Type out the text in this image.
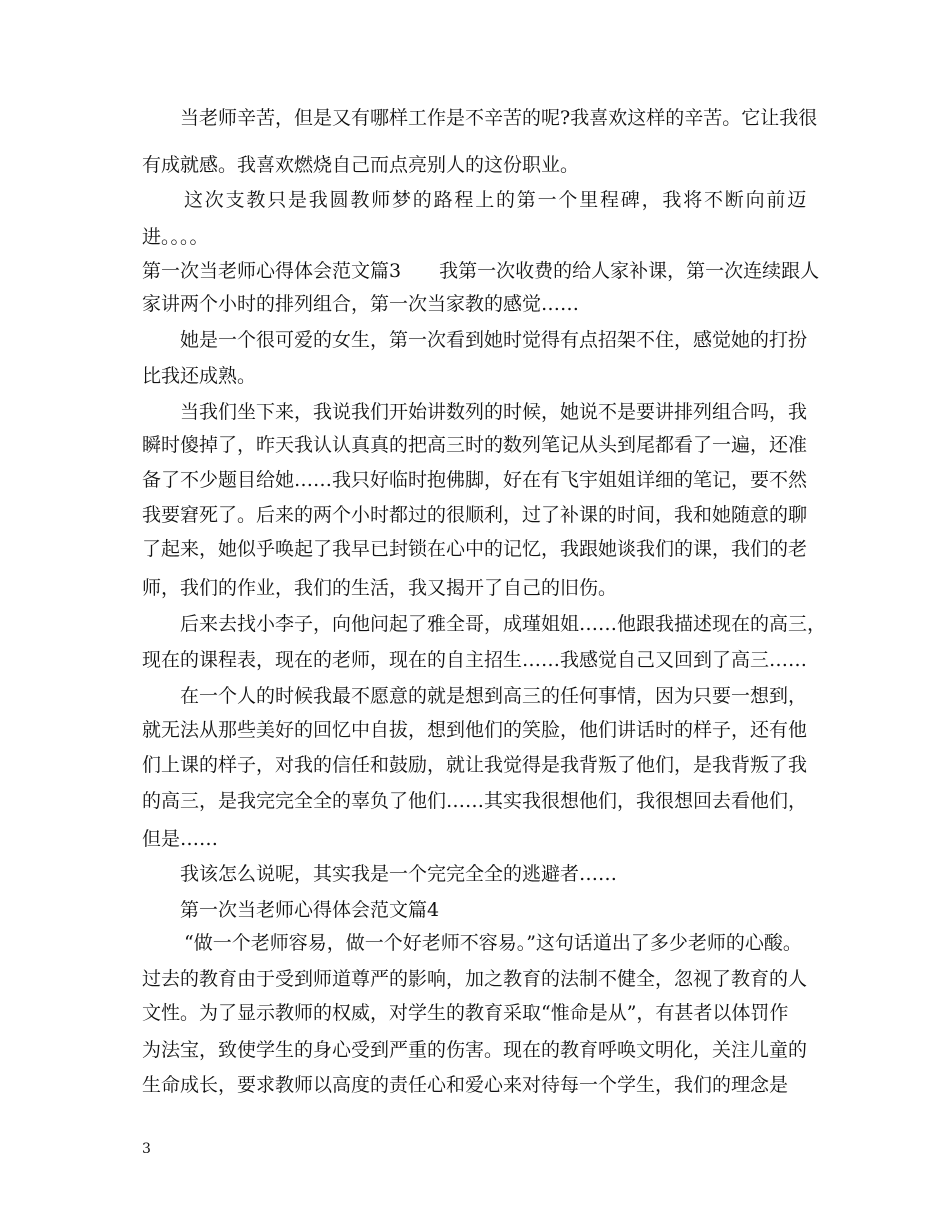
当老师辛苦，但是又有哪样工作是不辛苦的呢?我喜欢这样的辛苦。它让我很
有成就感。我喜欢燃烧自己而点亮别人的这份职业。
这次支教只是我圆教师梦的路程上的第一个里程碑，我将不断向前迈
进。。。。
第一次当老师心得体会范文篇3　　我第一次收费的给人家补课，第一次连续跟人
家讲两个小时的排列组合，第一次当家教的感觉……
她是一个很可爱的女生，第一次看到她时觉得有点招架不住，感觉她的打扮
比我还成熟。
当我们坐下来，我说我们开始讲数列的时候，她说不是要讲排列组合吗，我
瞬时傻掉了，昨天我认认真真的把高三时的数列笔记从头到尾都看了一遍，还准
备了不少题目给她……我只好临时抱佛脚，好在有飞宇姐姐详细的笔记，要不然
我要窘死了。后来的两个小时都过的很顺利，过了补课的时间，我和她随意的聊
了起来，她似乎唤起了我早已封锁在心中的记忆，我跟她谈我们的课，我们的老
师，我们的作业，我们的生活，我又揭开了自己的旧伤。
后来去找小李子，向他问起了雅全哥，成瑾姐姐……他跟我描述现在的高三，
现在的课程表，现在的老师，现在的自主招生……我感觉自己又回到了高三……
在一个人的时候我最不愿意的就是想到高三的任何事情，因为只要一想到，
就无法从那些美好的回忆中自拔，想到他们的笑脸，他们讲话时的样子，还有他
们上课的样子，对我的信任和鼓励，就让我觉得是我背叛了他们，是我背叛了我
的高三，是我完完全全的辜负了他们……其实我很想他们，我很想回去看他们，
但是……
我该怎么说呢，其实我是一个完完全全的逃避者……
第一次当老师心得体会范文篇4
“做一个老师容易，做一个好老师不容易。”这句话道出了多少老师的心酸。
过去的教育由于受到师道尊严的影响，加之教育的法制不健全，忽视了教育的人
文性。为了显示教师的权威，对学生的教育采取“惟命是从”，有甚者以体罚作
为法宝，致使学生的身心受到严重的伤害。现在的教育呼唤文明化，关注儿童的
生命成长，要求教师以高度的责任心和爱心来对待每一个学生，我们的理念是
3
